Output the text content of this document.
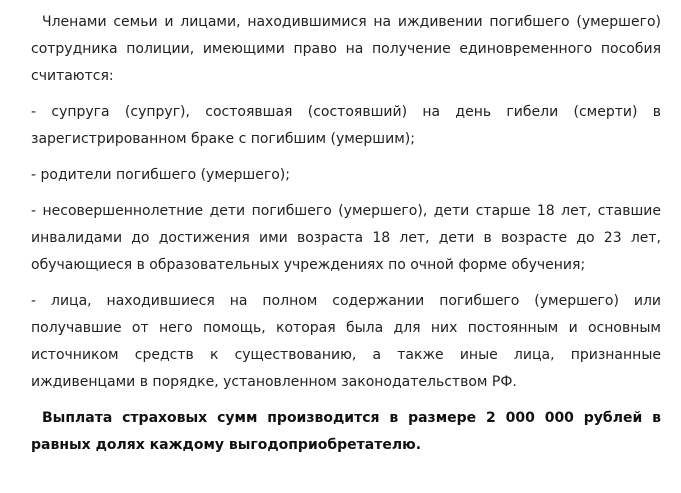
Членами семьи и лицами, находившимися на иждивении погибшего (умершего) сотрудника полиции, имеющими право на получение единовременного пособия считаются:

- супруга (супруг), состоявшая (состоявший) на день гибели (смерти) в зарегистрированном браке с погибшим (умершим);

- родители погибшего (умершего);

- несовершеннолетние дети погибшего (умершего), дети старше 18 лет, ставшие инвалидами до достижения ими возраста 18 лет, дети в возрасте до 23 лет, обучающиеся в образовательных учреждениях по очной форме обучения;

- лица, находившиеся на полном содержании погибшего (умершего) или получавшие от него помощь, которая была для них постоянным и основным источником средств к существованию, а также иные лица, признанные иждивенцами в порядке, установленном законодательством РФ.

Выплата страховых сумм производится в размере 2 000 000 рублей в равных долях каждому выгодоприобретателю.
